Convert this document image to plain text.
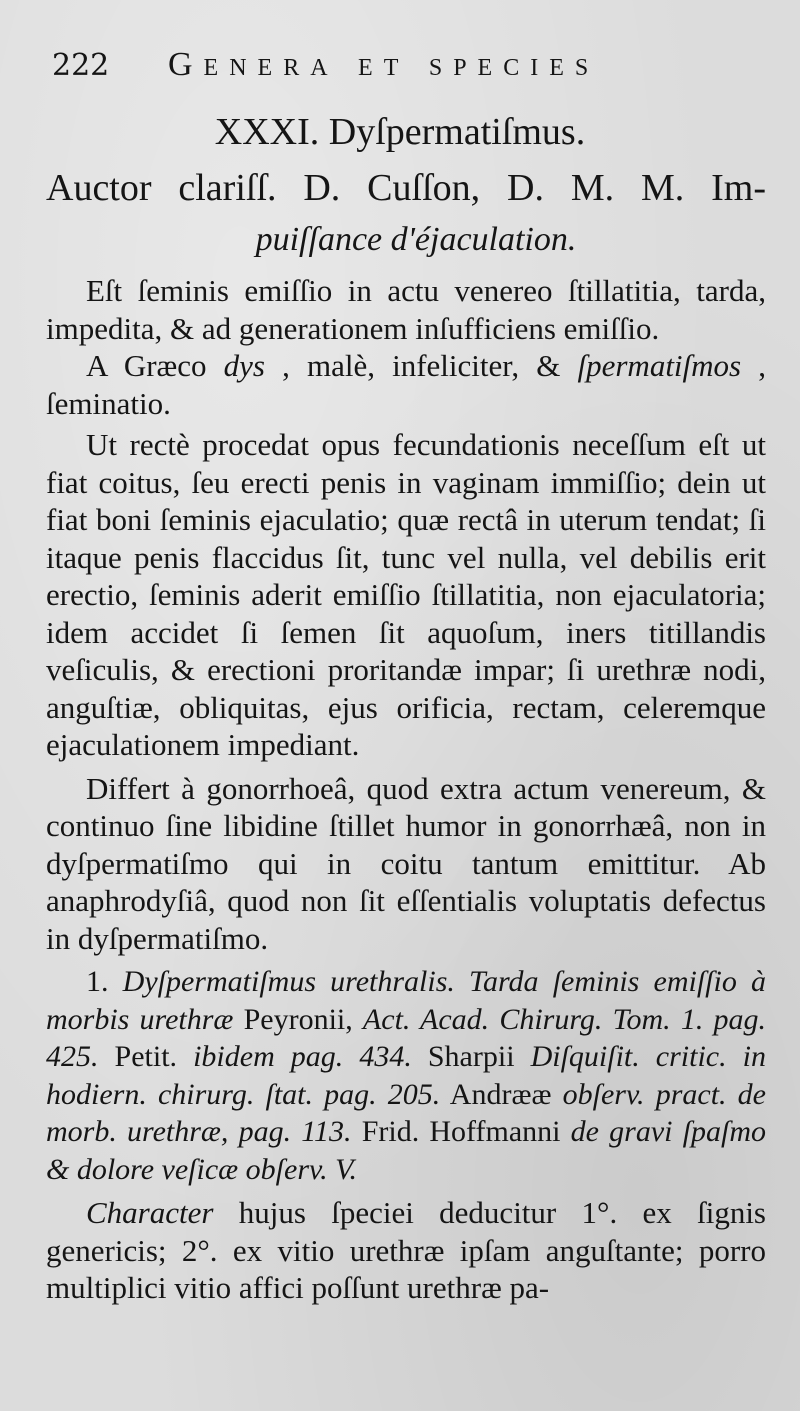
222 Genera et species
XXXI. Dyſpermatiſmus.
Auctor clariſſ. D. Cuſſon, D. M. M. Im-
puiſſance d'éjaculation.

Eſt ſeminis emiſſio in actu venereo ſtillatitia, tarda, impedita, & ad generationem inſufficiens emiſſio.

A Græco dys , malè, infeliciter, & ſpermatiſmos , ſeminatio.

Ut rectè procedat opus fecundationis neceſſum eſt ut fiat coitus, ſeu erecti penis in vaginam immiſſio; dein ut fiat boni ſeminis ejaculatio; quæ rectâ in uterum tendat; ſi itaque penis flaccidus ſit, tunc vel nulla, vel debilis erit erectio, ſeminis aderit emiſſio ſtillatitia, non ejaculatoria; idem accidet ſi ſemen ſit aquoſum, iners titillandis veſiculis, & erectioni proritandæ impar; ſi urethræ nodi, anguſtiæ, obliquitas, ejus orificia, rectam, celeremque ejaculationem impediant.

Differt à gonorrhoeâ, quod extra actum venereum, & continuo ſine libidine ſtillet humor in gonorrhæâ, non in dyſpermatiſmo qui in coitu tantum emittitur. Ab anaphrodyſiâ, quod non ſit eſſentialis voluptatis defectus in dyſpermatiſmo.

1. Dyſpermatiſmus urethralis. Tarda ſeminis emiſſio à morbis urethræ Peyronii, Act. Acad. Chirurg. Tom. 1. pag. 425. Petit. ibidem pag. 434. Sharpii Diſquiſit. critic. in hodiern. chirurg. ſtat. pag. 205. Andrææ obſerv. pract. de morb. urethræ, pag. 113. Frid. Hoffmanni de gravi ſpaſmo & dolore veſicæ obſerv. V.

Character hujus ſpeciei deducitur 1°. ex ſignis genericis; 2°. ex vitio urethræ ipſam anguſtante; porro multiplici vitio affici poſſunt urethræ pa-
